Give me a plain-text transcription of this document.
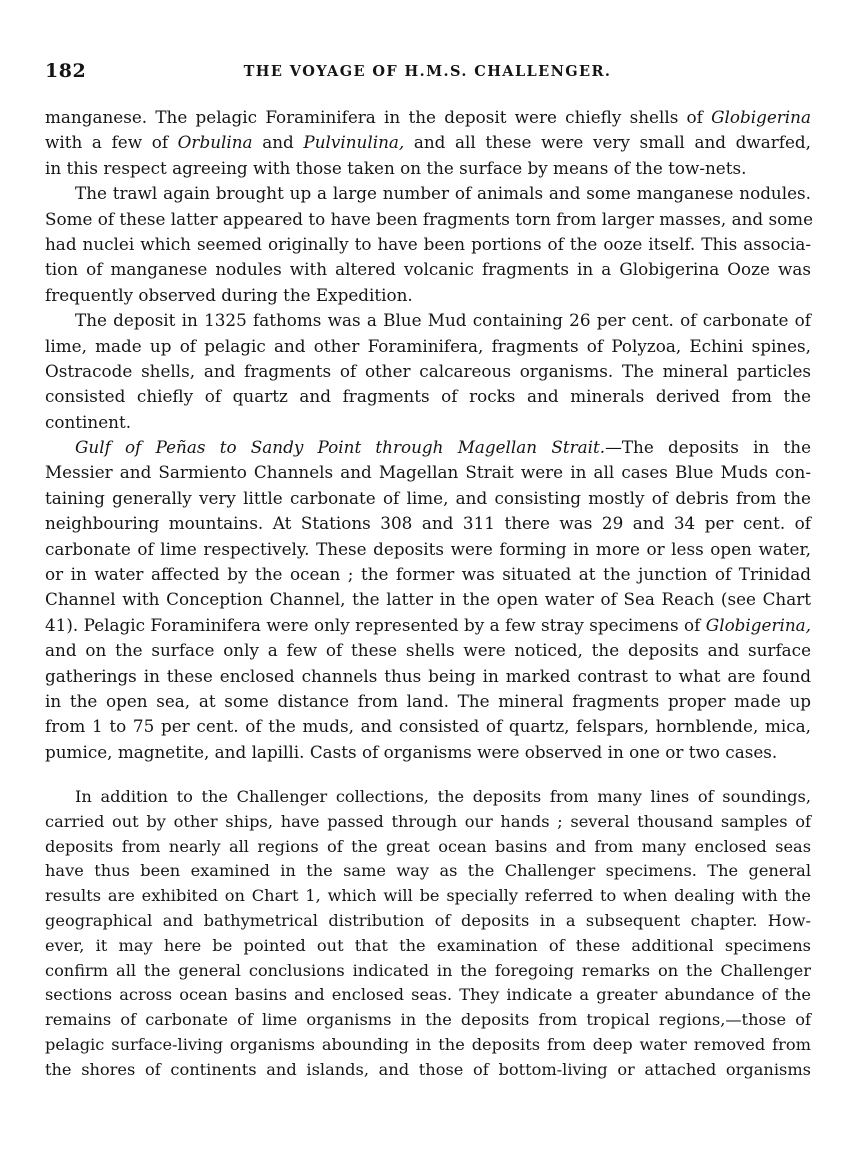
182	THE VOYAGE OF H.M.S. CHALLENGER.
manganese. The pelagic Foraminifera in the deposit were chiefly shells of Globigerina
with a few of Orbulina and Pulvinulina, and all these were very small and dwarfed,
in this respect agreeing with those taken on the surface by means of the tow-nets.
The trawl again brought up a large number of animals and some manganese nodules.
Some of these latter appeared to have been fragments torn from larger masses, and some
had nuclei which seemed originally to have been portions of the ooze itself. This associa-
tion of manganese nodules with altered volcanic fragments in a Globigerina Ooze was
frequently observed during the Expedition.
The deposit in 1325 fathoms was a Blue Mud containing 26 per cent. of carbonate of
lime, made up of pelagic and other Foraminifera, fragments of Polyzoa, Echini spines,
Ostracode shells, and fragments of other calcareous organisms. The mineral particles
consisted chiefly of quartz and fragments of rocks and minerals derived from the
continent.
Gulf of Peñas to Sandy Point through Magellan Strait.—The deposits in the
Messier and Sarmiento Channels and Magellan Strait were in all cases Blue Muds con-
taining generally very little carbonate of lime, and consisting mostly of debris from the
neighbouring mountains. At Stations 308 and 311 there was 29 and 34 per cent. of
carbonate of lime respectively. These deposits were forming in more or less open water,
or in water affected by the ocean ; the former was situated at the junction of Trinidad
Channel with Conception Channel, the latter in the open water of Sea Reach (see Chart
41). Pelagic Foraminifera were only represented by a few stray specimens of Globigerina,
and on the surface only a few of these shells were noticed, the deposits and surface
gatherings in these enclosed channels thus being in marked contrast to what are found
in the open sea, at some distance from land. The mineral fragments proper made up
from 1 to 75 per cent. of the muds, and consisted of quartz, felspars, hornblende, mica,
pumice, magnetite, and lapilli. Casts of organisms were observed in one or two cases.
In addition to the Challenger collections, the deposits from many lines of soundings,
carried out by other ships, have passed through our hands ; several thousand samples of
deposits from nearly all regions of the great ocean basins and from many enclosed seas
have thus been examined in the same way as the Challenger specimens. The general
results are exhibited on Chart 1, which will be specially referred to when dealing with the
geographical and bathymetrical distribution of deposits in a subsequent chapter. How-
ever, it may here be pointed out that the examination of these additional specimens
confirm all the general conclusions indicated in the foregoing remarks on the Challenger
sections across ocean basins and enclosed seas. They indicate a greater abundance of the
remains of carbonate of lime organisms in the deposits from tropical regions,—those of
pelagic surface-living organisms abounding in the deposits from deep water removed from
the shores of continents and islands, and those of bottom-living or attached organisms
